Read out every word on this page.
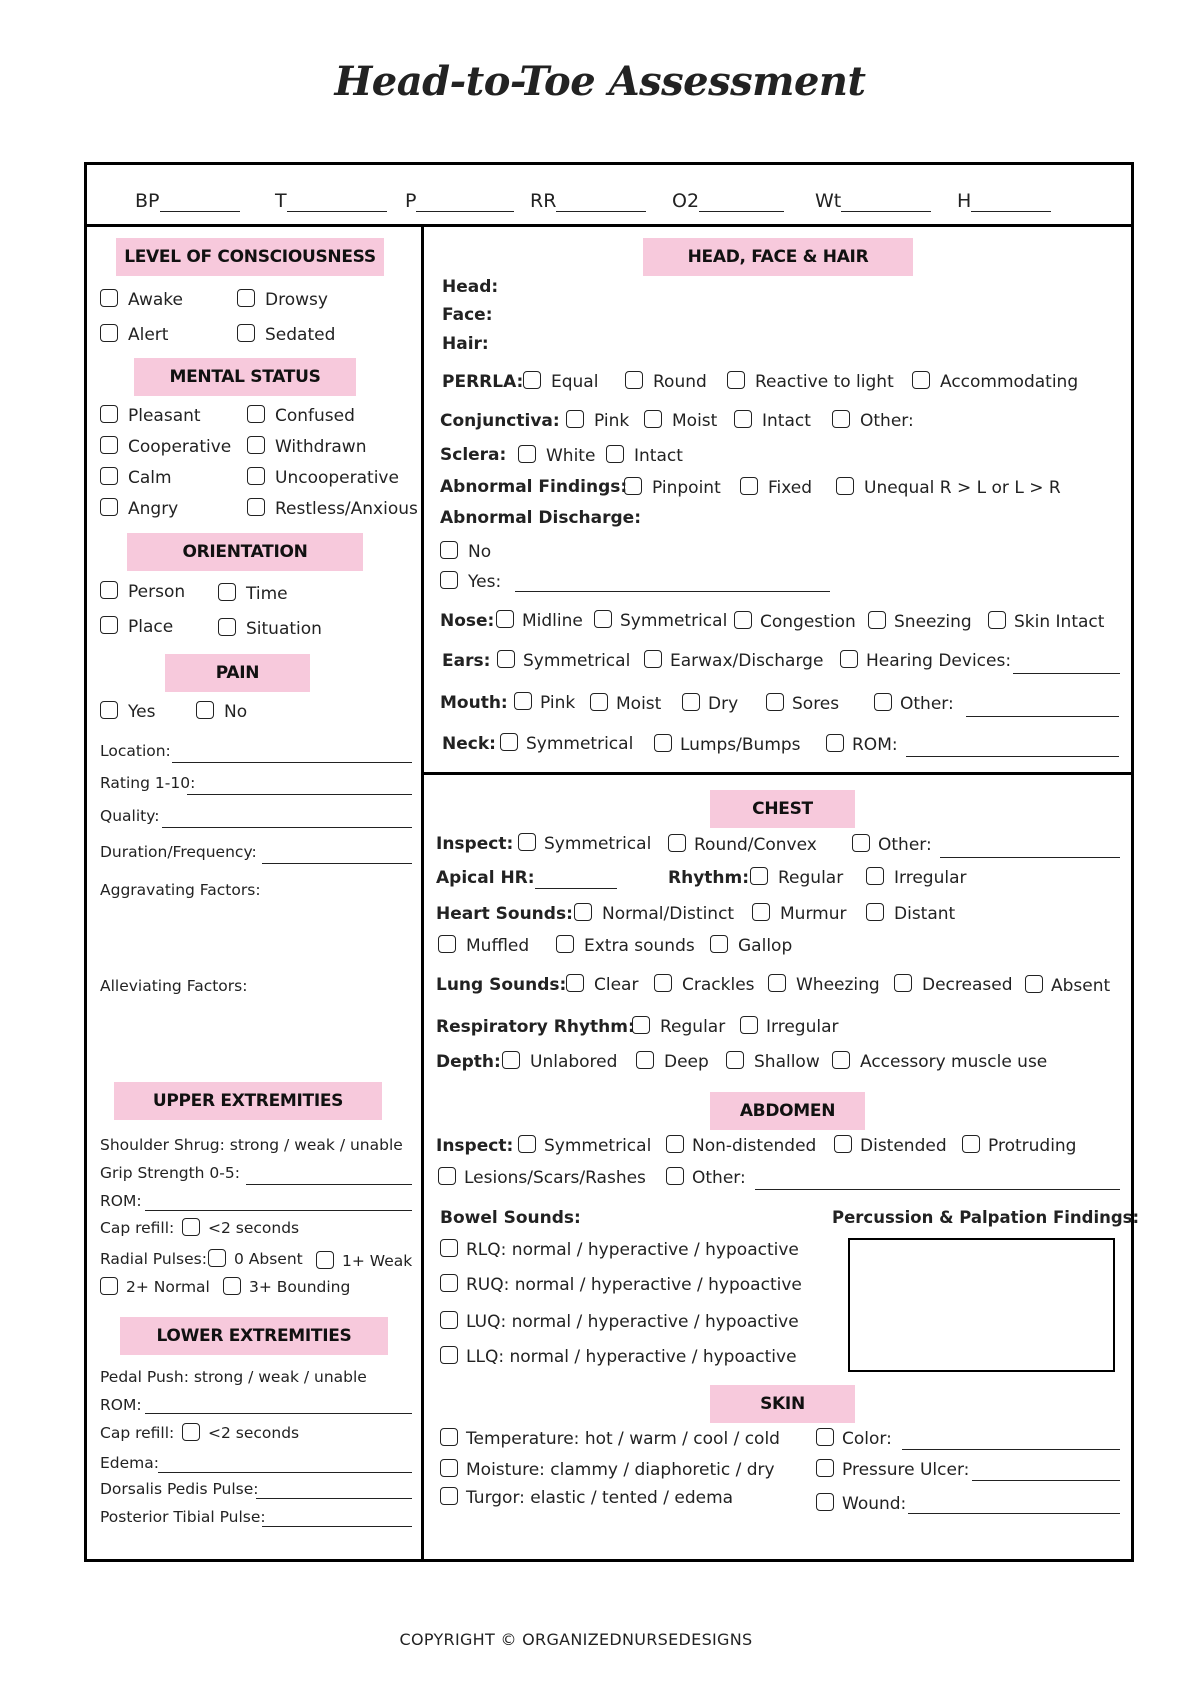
Head-to-Toe Assessment
BP	T	P	RR	O2	Wt	H
LEVEL OF CONSCIOUSNESS
Awake	Drowsy
Alert	Sedated
MENTAL STATUS
Pleasant	Confused
Cooperative	Withdrawn
Calm	Uncooperative
Angry	Restless/Anxious
ORIENTATION
Person	Time
Place	Situation
PAIN
Yes	No
Location:
Rating 1-10:
Quality:
Duration/Frequency:
Aggravating Factors:
Alleviating Factors:
UPPER EXTREMITIES
Shoulder Shrug: strong / weak / unable
Grip Strength 0-5:
ROM:
Cap refill:	<2 seconds
Radial Pulses:	0 Absent	1+ Weak
2+ Normal	3+ Bounding
LOWER EXTREMITIES
Pedal Push: strong / weak / unable
ROM:
Cap refill:	<2 seconds
Edema:
Dorsalis Pedis Pulse:
Posterior Tibial Pulse:
HEAD, FACE & HAIR
Head:
Face:
Hair:
PERRLA:	Equal	Round	Reactive to light	Accommodating
Conjunctiva:	Pink	Moist	Intact	Other:
Sclera:	White	Intact
Abnormal Findings:	Pinpoint	Fixed	Unequal R > L or L > R
Abnormal Discharge:
No
Yes:
Nose:	Midline	Symmetrical	Congestion	Sneezing	Skin Intact
Ears:	Symmetrical	Earwax/Discharge	Hearing Devices:
Mouth:	Pink	Moist	Dry	Sores	Other:
Neck:	Symmetrical	Lumps/Bumps	ROM:
CHEST
Inspect:	Symmetrical	Round/Convex	Other:
Apical HR:	Rhythm:	Regular	Irregular
Heart Sounds:	Normal/Distinct	Murmur	Distant
Muffled	Extra sounds	Gallop
Lung Sounds:	Clear	Crackles	Wheezing	Decreased	Absent
Respiratory Rhythm:	Regular	Irregular
Depth:	Unlabored	Deep	Shallow	Accessory muscle use
ABDOMEN
Inspect:	Symmetrical	Non-distended	Distended	Protruding
Lesions/Scars/Rashes	Other:
Bowel Sounds:
RLQ: normal / hyperactive / hypoactive
RUQ: normal / hyperactive / hypoactive
LUQ: normal / hyperactive / hypoactive
LLQ: normal / hyperactive / hypoactive
Percussion & Palpation Findings:
SKIN
Temperature: hot / warm / cool / cold
Moisture: clammy / diaphoretic / dry
Turgor: elastic / tented / edema
Color:
Pressure Ulcer:
Wound:
COPYRIGHT © ORGANIZEDNURSEDESIGNS
